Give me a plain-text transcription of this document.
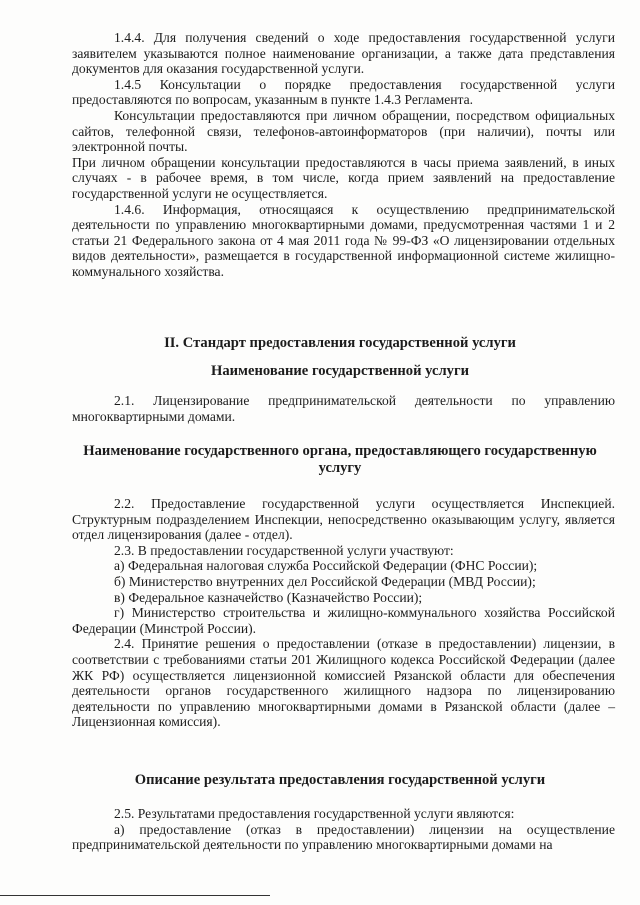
1.4.4. Для получения сведений о ходе предоставления государственной услуги заявителем указываются полное наименование организации, а также дата представления документов для оказания государственной услуги.

1.4.5 Консультации о порядке предоставления государственной услуги предоставляются по вопросам, указанным в пункте 1.4.3 Регламента.

Консультации предоставляются при личном обращении, посредством официальных сайтов, телефонной связи, телефонов-автоинформаторов (при наличии), почты или электронной почты.

При личном обращении консультации предоставляются в часы приема заявлений, в иных случаях - в рабочее время, в том числе, когда прием заявлений на предоставление государственной услуги не осуществляется.

1.4.6. Информация, относящаяся к осуществлению предпринимательской деятельности по управлению многоквартирными домами, предусмотренная частями 1 и 2 статьи 21 Федерального закона от 4 мая 2011 года № 99-ФЗ «О лицензировании отдельных видов деятельности», размещается в государственной информационной системе жилищно-коммунального хозяйства.

II. Стандарт предоставления государственной услуги
Наименование государственной услуги

2.1. Лицензирование предпринимательской деятельности по управлению многоквартирными домами.

Наименование государственного органа, предоставляющего государственную услугу

2.2. Предоставление государственной услуги осуществляется Инспекцией. Структурным подразделением Инспекции, непосредственно оказывающим услугу, является отдел лицензирования (далее - отдел).

2.3. В предоставлении государственной услуги участвуют:

а) Федеральная налоговая служба Российской Федерации (ФНС России);

б) Министерство внутренних дел Российской Федерации (МВД России);

в) Федеральное казначейство (Казначейство России);

г) Министерство строительства и жилищно-коммунального хозяйства Российской Федерации (Минстрой России).

2.4. Принятие решения о предоставлении (отказе в предоставлении) лицензии, в соответствии с требованиями статьи 201 Жилищного кодекса Российской Федерации (далее ЖК РФ) осуществляется лицензионной комиссией Рязанской области для обеспечения деятельности органов государственного жилищного надзора по лицензированию деятельности по управлению многоквартирными домами в Рязанской области (далее – Лицензионная комиссия).

Описание результата предоставления государственной услуги

2.5. Результатами предоставления государственной услуги являются:

а) предоставление (отказ в предоставлении) лицензии на осуществление предпринимательской деятельности по управлению многоквартирными домами на
